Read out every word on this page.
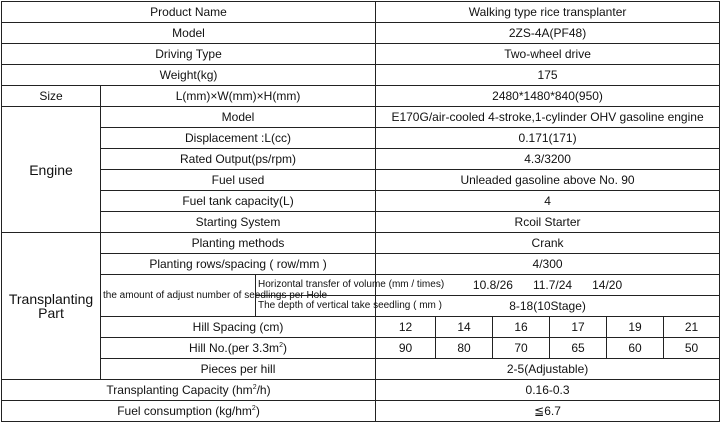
Product Name			Walking type rice transplanter					
Model			2ZS-4A(PF48)					
Driving Type			Two-wheel drive					
Weight(kg)			175					
Size	L(mm)×W(mm)×H(mm)		2480*1480*840(950)					
Engine	Model		E170G/air-cooled 4-stroke,1-cylinder OHV gasoline engine					
	Displacement :L(cc)		0.171(171)					
	Rated Output(ps/rpm)		4.3/3200					
	Fuel used		Unleaded gasoline above No. 90					
	Fuel tank capacity(L)		4					
	Starting System		Rcoil Starter					
Transplanting
Part	Planting methods		Crank					
	Planting rows/spacing ( row/mm )		4/300					
	the amount of adjust number of seedlings per Hole	Horizontal transfer of volume (mm / times)	10.8/26      11.7/24      14/20					
		The depth of vertical take seedling ( mm )	8-18(10Stage)					
	Hill Spacing (cm)		12	14	16	17	19	21
	Hill No.(per $3.3m^2$)		90	80	70	65	60	50
	Pieces per hill		2-5(Adjustable)					
Transplanting Capacity $(hm^2/h)$			0.16-0.3					
Fuel consumption $(kg/hm^2)$			≦6.7					
